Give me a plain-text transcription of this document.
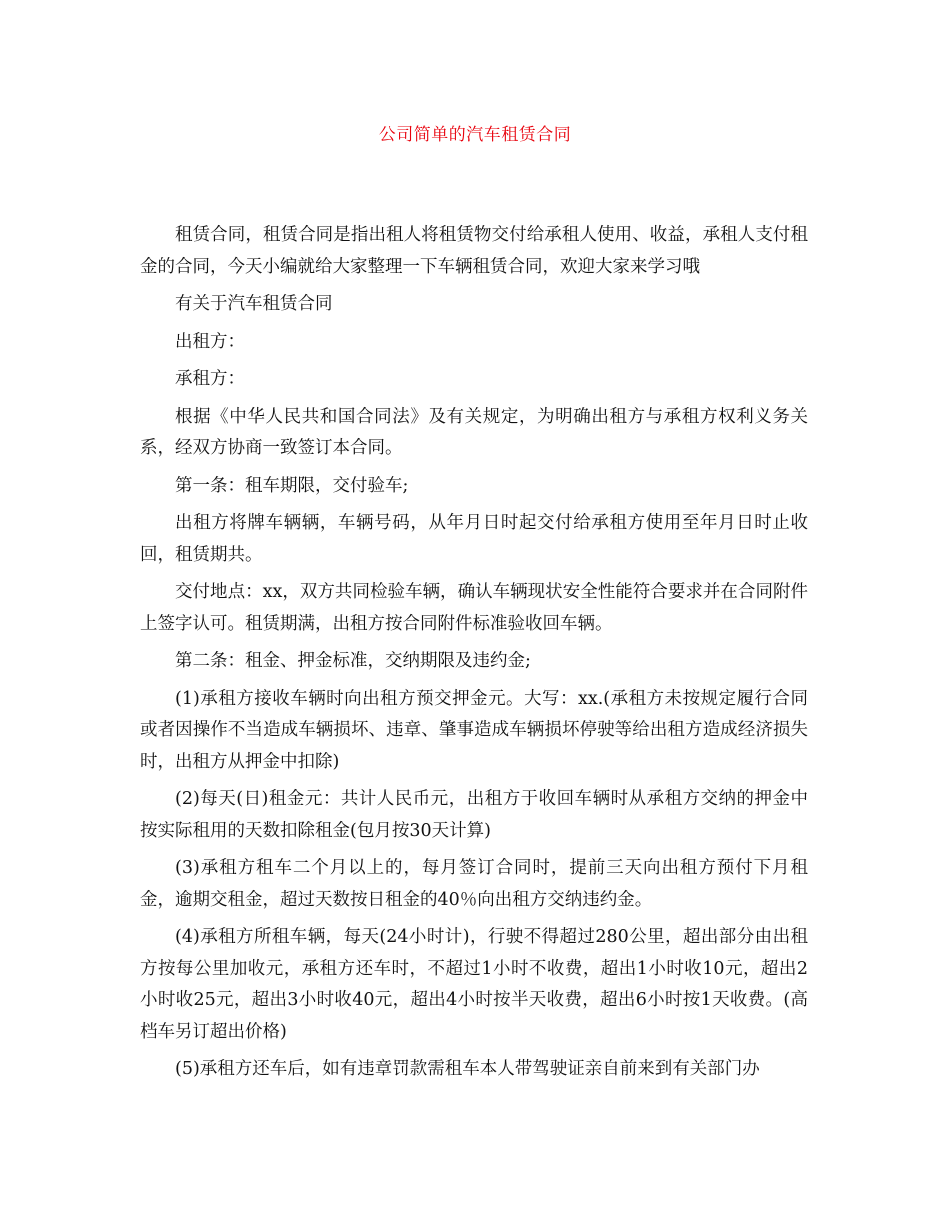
公司简单的汽车租赁合同

租赁合同，租赁合同是指出租人将租赁物交付给承租人使用、收益，承租人支付租金的合同，今天小编就给大家整理一下车辆租赁合同，欢迎大家来学习哦

有关于汽车租赁合同

出租方：

承租方：

根据《中华人民共和国合同法》及有关规定，为明确出租方与承租方权利义务关系，经双方协商一致签订本合同。

第一条：租车期限，交付验车;

出租方将牌车辆辆，车辆号码，从年月日时起交付给承租方使用至年月日时止收回，租赁期共。

交付地点：xx，双方共同检验车辆，确认车辆现状安全性能符合要求并在合同附件上签字认可。租赁期满，出租方按合同附件标准验收回车辆。

第二条：租金、押金标准，交纳期限及违约金;

(1)承租方接收车辆时向出租方预交押金元。大写：xx.(承租方未按规定履行合同或者因操作不当造成车辆损坏、违章、肇事造成车辆损坏停驶等给出租方造成经济损失时，出租方从押金中扣除)

(2)每天(日)租金元：共计人民币元，出租方于收回车辆时从承租方交纳的押金中按实际租用的天数扣除租金(包月按30天计算)

(3)承租方租车二个月以上的，每月签订合同时，提前三天向出租方预付下月租金，逾期交租金，超过天数按日租金的40％向出租方交纳违约金。

(4)承租方所租车辆，每天(24小时计)，行驶不得超过280公里，超出部分由出租方按每公里加收元，承租方还车时，不超过1小时不收费，超出1小时收10元，超出2小时收25元，超出3小时收40元，超出4小时按半天收费，超出6小时按1天收费。(高档车另订超出价格)

(5)承租方还车后，如有违章罚款需租车本人带驾驶证亲自前来到有关部门办
